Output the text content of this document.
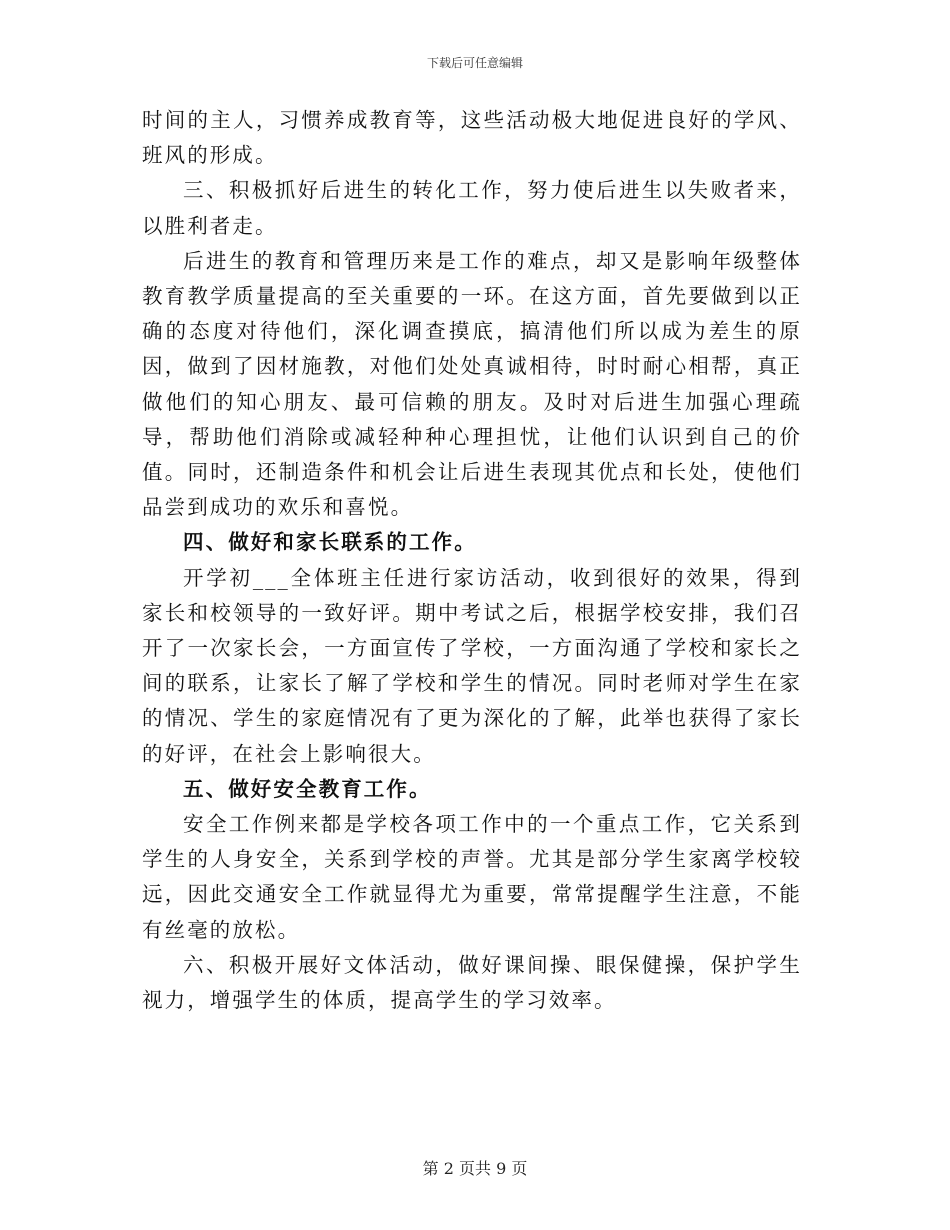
下载后可任意编辑

时间的主人，习惯养成教育等，这些活动极大地促进良好的学风、班风的形成。

三、积极抓好后进生的转化工作，努力使后进生以失败者来，以胜利者走。

后进生的教育和管理历来是工作的难点，却又是影响年级整体教育教学质量提高的至关重要的一环。在这方面，首先要做到以正确的态度对待他们，深化调查摸底，搞清他们所以成为差生的原因，做到了因材施教，对他们处处真诚相待，时时耐心相帮，真正做他们的知心朋友、最可信赖的朋友。及时对后进生加强心理疏导，帮助他们消除或减轻种种心理担忧，让他们认识到自己的价值。同时，还制造条件和机会让后进生表现其优点和长处，使他们品尝到成功的欢乐和喜悦。

四、做好和家长联系的工作。

开学初___全体班主任进行家访活动，收到很好的效果，得到家长和校领导的一致好评。期中考试之后，根据学校安排，我们召开了一次家长会，一方面宣传了学校，一方面沟通了学校和家长之间的联系，让家长了解了学校和学生的情况。同时老师对学生在家的情况、学生的家庭情况有了更为深化的了解，此举也获得了家长的好评，在社会上影响很大。

五、做好安全教育工作。

安全工作例来都是学校各项工作中的一个重点工作，它关系到学生的人身安全，关系到学校的声誉。尤其是部分学生家离学校较远，因此交通安全工作就显得尤为重要，常常提醒学生注意，不能有丝毫的放松。

六、积极开展好文体活动，做好课间操、眼保健操，保护学生视力，增强学生的体质，提高学生的学习效率。

第 2 页共 9 页
